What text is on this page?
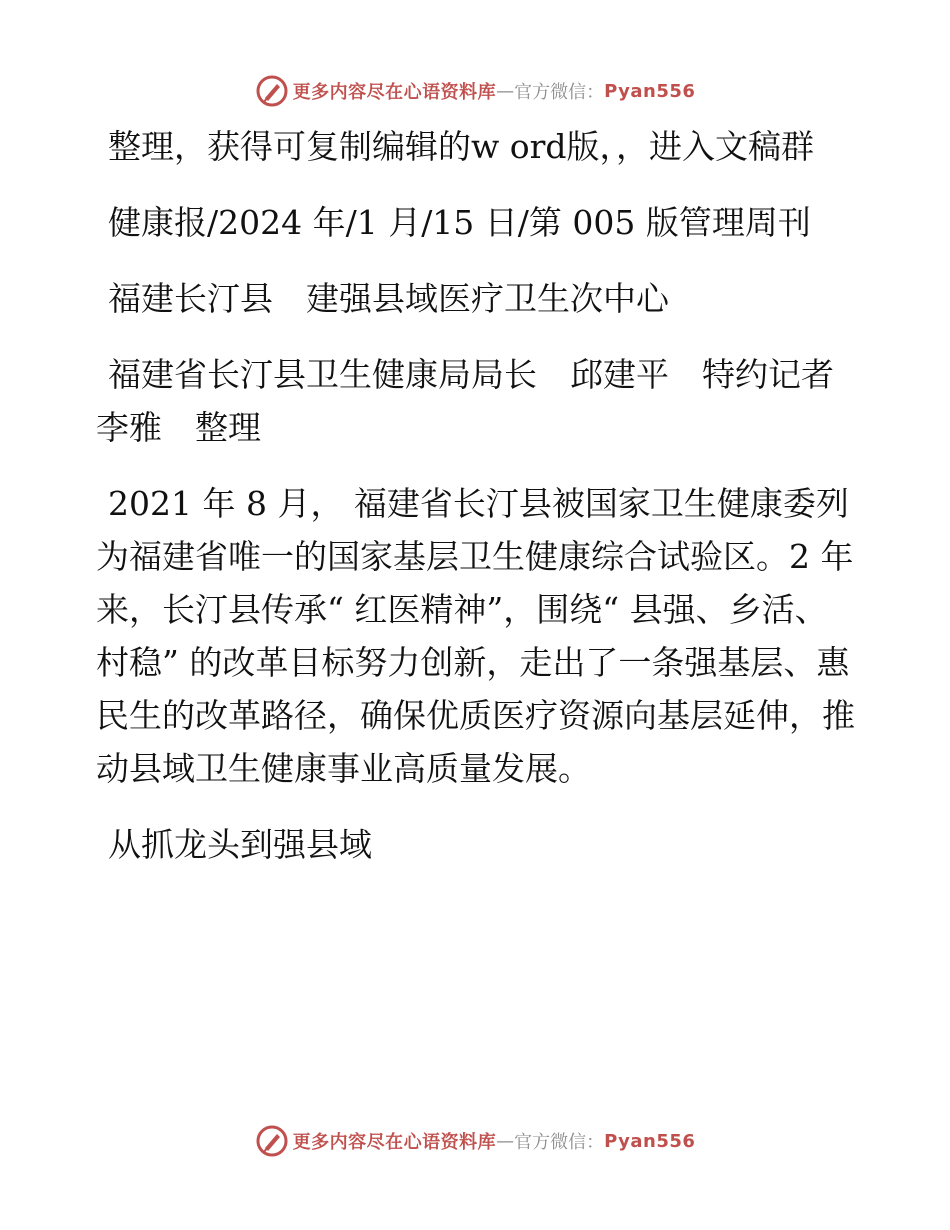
更多内容尽在心语资料库 — 官方微信： Pyan556

整理，获得可复制编辑的w ord版，，进入文稿群

健康报/2024 年/1 月/15 日/第 005 版管理周刊

福建长汀县　建强县域医疗卫生次中心

福建省长汀县卫生健康局局长　邱建平　特约记者　李雅　整理

2021 年 8 月， 福建省长汀县被国家卫生健康委列为福建省唯一的国家基层卫生健康综合试验区。2 年来，长汀县传承“ 红医精神”，围绕“ 县强、乡活、村稳” 的改革目标努力创新，走出了一条强基层、惠民生的改革路径，确保优质医疗资源向基层延伸，推动县域卫生健康事业高质量发展。

从抓龙头到强县域

更多内容尽在心语资料库 — 官方微信： Pyan556
